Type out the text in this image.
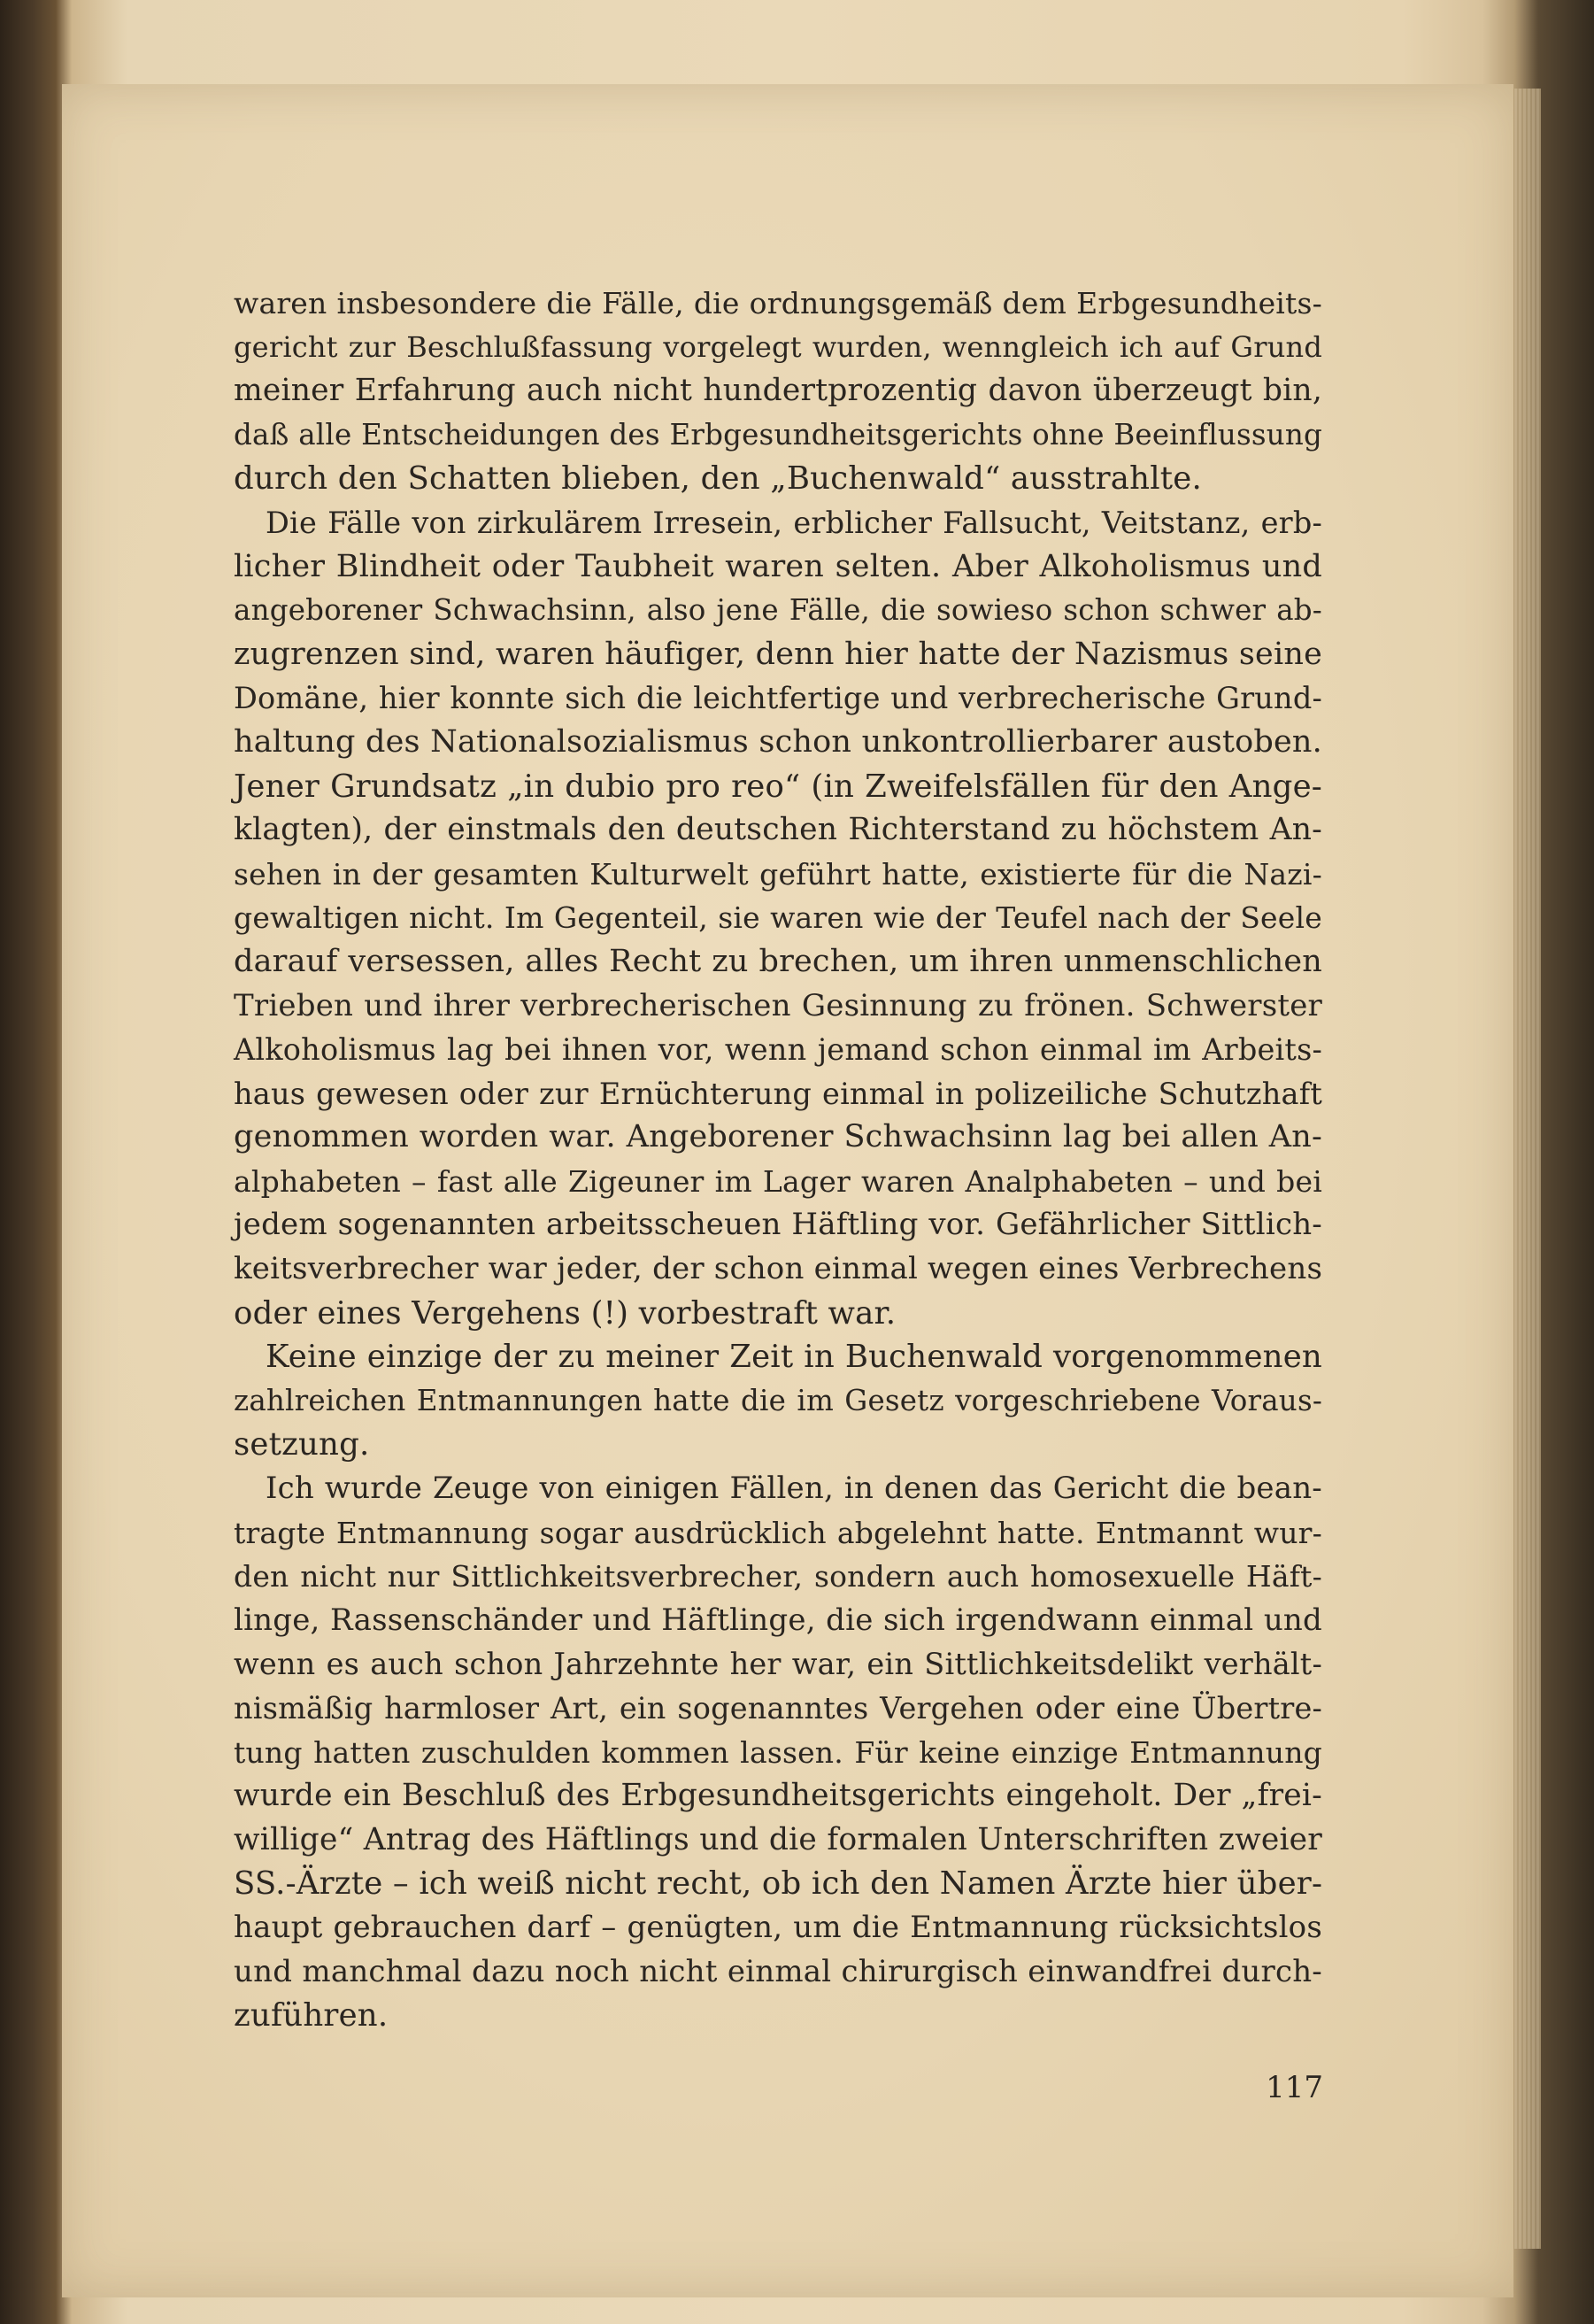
waren insbesondere die Fälle, die ordnungsgemäß dem Erbgesundheits-
gericht zur Beschlußfassung vorgelegt wurden, wenngleich ich auf Grund
meiner Erfahrung auch nicht hundertprozentig davon überzeugt bin,
daß alle Entscheidungen des Erbgesundheitsgerichts ohne Beeinflussung
durch den Schatten blieben, den „Buchenwald“ ausstrahlte.
Die Fälle von zirkulärem Irresein, erblicher Fallsucht, Veitstanz, erb-
licher Blindheit oder Taubheit waren selten. Aber Alkoholismus und
angeborener Schwachsinn, also jene Fälle, die sowieso schon schwer ab-
zugrenzen sind, waren häufiger, denn hier hatte der Nazismus seine
Domäne, hier konnte sich die leichtfertige und verbrecherische Grund-
haltung des Nationalsozialismus schon unkontrollierbarer austoben.
Jener Grundsatz „in dubio pro reo“ (in Zweifelsfällen für den Ange-
klagten), der einstmals den deutschen Richterstand zu höchstem An-
sehen in der gesamten Kulturwelt geführt hatte, existierte für die Nazi-
gewaltigen nicht. Im Gegenteil, sie waren wie der Teufel nach der Seele
darauf versessen, alles Recht zu brechen, um ihren unmenschlichen
Trieben und ihrer verbrecherischen Gesinnung zu frönen. Schwerster
Alkoholismus lag bei ihnen vor, wenn jemand schon einmal im Arbeits-
haus gewesen oder zur Ernüchterung einmal in polizeiliche Schutzhaft
genommen worden war. Angeborener Schwachsinn lag bei allen An-
alphabeten – fast alle Zigeuner im Lager waren Analphabeten – und bei
jedem sogenannten arbeitsscheuen Häftling vor. Gefährlicher Sittlich-
keitsverbrecher war jeder, der schon einmal wegen eines Verbrechens
oder eines Vergehens (!) vorbestraft war.
Keine einzige der zu meiner Zeit in Buchenwald vorgenommenen
zahlreichen Entmannungen hatte die im Gesetz vorgeschriebene Voraus-
setzung.
Ich wurde Zeuge von einigen Fällen, in denen das Gericht die bean-
tragte Entmannung sogar ausdrücklich abgelehnt hatte. Entmannt wur-
den nicht nur Sittlichkeitsverbrecher, sondern auch homosexuelle Häft-
linge, Rassenschänder und Häftlinge, die sich irgendwann einmal und
wenn es auch schon Jahrzehnte her war, ein Sittlichkeitsdelikt verhält-
nismäßig harmloser Art, ein sogenanntes Vergehen oder eine Übertre-
tung hatten zuschulden kommen lassen. Für keine einzige Entmannung
wurde ein Beschluß des Erbgesundheitsgerichts eingeholt. Der „frei-
willige“ Antrag des Häftlings und die formalen Unterschriften zweier
SS.-Ärzte – ich weiß nicht recht, ob ich den Namen Ärzte hier über-
haupt gebrauchen darf – genügten, um die Entmannung rücksichtslos
und manchmal dazu noch nicht einmal chirurgisch einwandfrei durch-
zuführen.
117
